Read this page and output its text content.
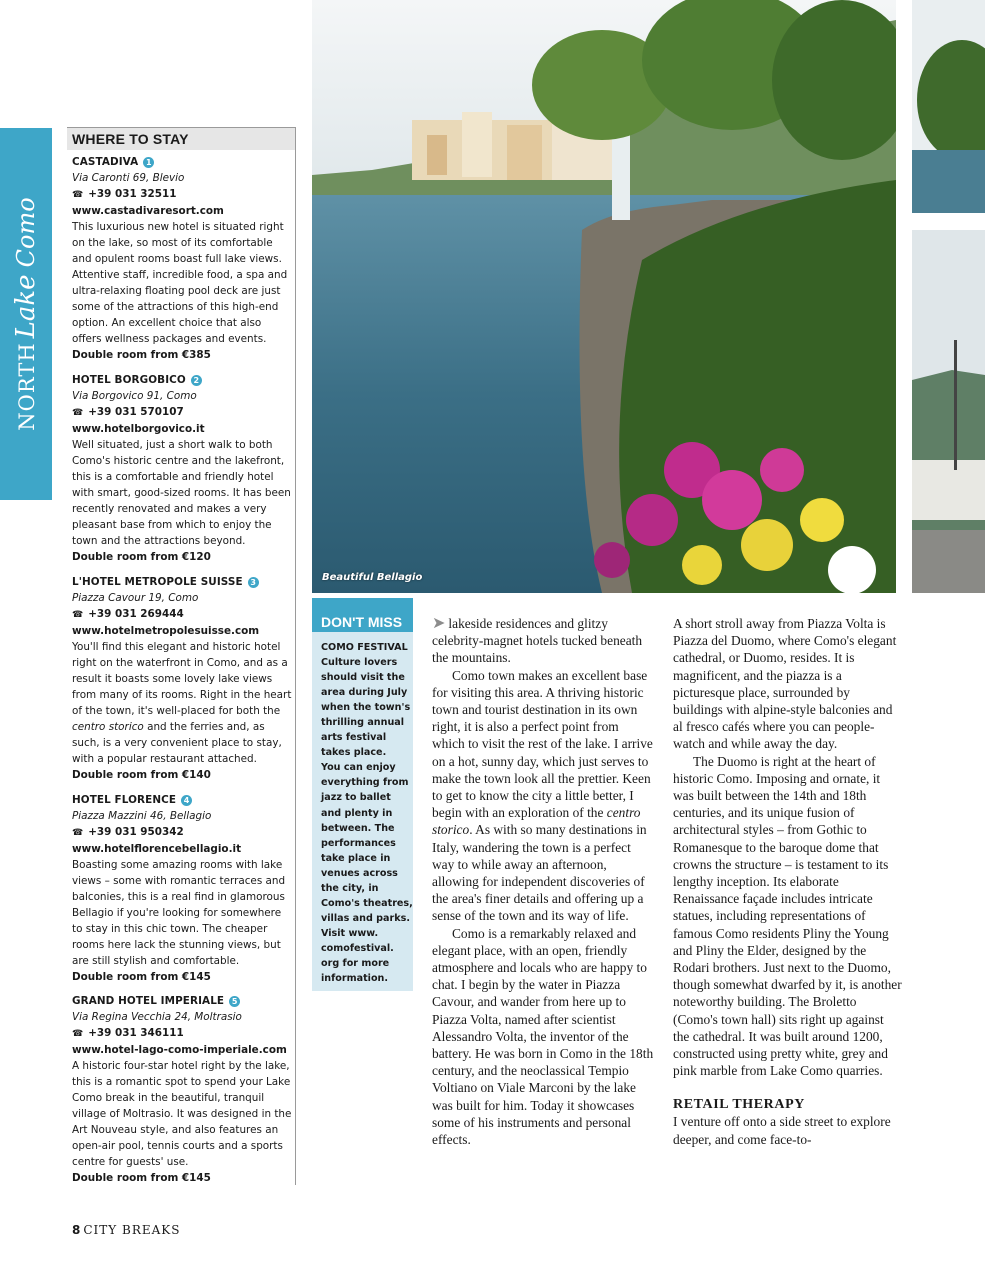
NORTHLake Como
WHERE TO STAY
CASTADIVA 1
Via Caronti 69, Blevio
☎ +39 031 32511
www.castadivaresort.com
This luxurious new hotel is situated right on the lake, so most of its comfortable and opulent rooms boast full lake views. Attentive staff, incredible food, a spa and ultra-relaxing floating pool deck are just some of the attractions of this high-end option. An excellent choice that also offers wellness packages and events.
Double room from €385
HOTEL BORGOBICO 2
Via Borgovico 91, Como
☎ +39 031 570107
www.hotelborgovico.it
Well situated, just a short walk to both Como's historic centre and the lakefront, this is a comfortable and friendly hotel with smart, good-sized rooms. It has been recently renovated and makes a very pleasant base from which to enjoy the town and the attractions beyond.
Double room from €120
L'HOTEL METROPOLE SUISSE 3
Piazza Cavour 19, Como
☎ +39 031 269444
www.hotelmetropolesuisse.com
You'll find this elegant and historic hotel right on the waterfront in Como, and as a result it boasts some lovely lake views from many of its rooms. Right in the heart of the town, it's well-placed for both the centro storico and the ferries and, as such, is a very convenient place to stay, with a popular restaurant attached.
Double room from €140
HOTEL FLORENCE 4
Piazza Mazzini 46, Bellagio
☎ +39 031 950342
www.hotelflorencebellagio.it
Boasting some amazing rooms with lake views – some with romantic terraces and balconies, this is a real find in glamorous Bellagio if you're looking for somewhere to stay in this chic town. The cheaper rooms here lack the stunning views, but are still stylish and comfortable.
Double room from €145
GRAND HOTEL IMPERIALE 5
Via Regina Vecchia 24, Moltrasio
☎ +39 031 346111
www.hotel-lago-como-imperiale.com
A historic four-star hotel right by the lake, this is a romantic spot to spend your Lake Como break in the beautiful, tranquil village of Moltrasio. It was designed in the Art Nouveau style, and also features an open-air pool, tennis courts and a sports centre for guests' use.
Double room from €145
Beautiful Bellagio
DON'T MISS
COMO FESTIVAL
Culture lovers
should visit the
area during July
when the town's
thrilling annual
arts festival
takes place.
You can enjoy
everything from
jazz to ballet
and plenty in
between. The
performances
take place in
venues across
the city, in
Como's theatres,
villas and parks.
Visit www.
comofestival.
org for more
information.

➤ lakeside residences and glitzy celebrity-magnet hotels tucked beneath the mountains.

Como town makes an excellent base for visiting this area. A thriving historic town and tourist destination in its own right, it is also a perfect point from which to visit the rest of the lake. I arrive on a hot, sunny day, which just serves to make the town look all the prettier. Keen to get to know the city a little better, I begin with an exploration of the centro storico. As with so many destinations in Italy, wandering the town is a perfect way to while away an afternoon, allowing for independent discoveries of the area's finer details and offering up a sense of the town and its way of life.

Como is a remarkably relaxed and elegant place, with an open, friendly atmosphere and locals who are happy to chat. I begin by the water in Piazza Cavour, and wander from here up to Piazza Volta, named after scientist Alessandro Volta, the inventor of the battery. He was born in Como in the 18th century, and the neoclassical Tempio Voltiano on Viale Marconi by the lake was built for him. Today it showcases some of his instruments and personal effects.

A short stroll away from Piazza Volta is Piazza del Duomo, where Como's elegant cathedral, or Duomo, resides. It is magnificent, and the piazza is a picturesque place, surrounded by buildings with alpine-style balconies and al fresco cafés where you can people-watch and while away the day.

The Duomo is right at the heart of historic Como. Imposing and ornate, it was built between the 14th and 18th centuries, and its unique fusion of architectural styles – from Gothic to Romanesque to the baroque dome that crowns the structure – is testament to its lengthy inception. Its elaborate Renaissance façade includes intricate statues, including representations of famous Como residents Pliny the Young and Pliny the Elder, designed by the Rodari brothers. Just next to the Duomo, though somewhat dwarfed by it, is another noteworthy building. The Broletto (Como's town hall) sits right up against the cathedral. It was built around 1200, constructed using pretty white, grey and pink marble from Lake Como quarries.

RETAIL THERAPY

I venture off onto a side street to explore deeper, and come face-to-

8 CITY BREAKS
